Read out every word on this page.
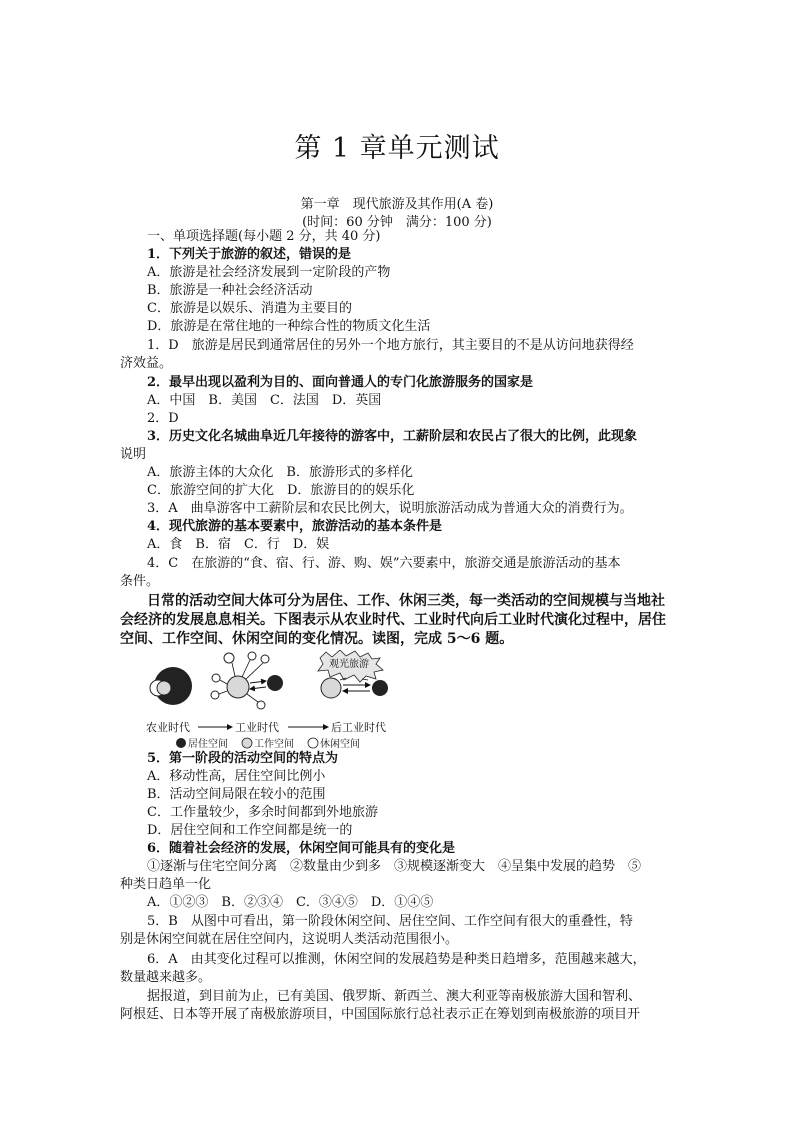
第 1 章单元测试
第一章　现代旅游及其作用(A 卷)
(时间：60 分钟　满分：100 分)
一、单项选择题(每小题 2 分，共 40 分)
1．下列关于旅游的叙述，错误的是
A．旅游是社会经济发展到一定阶段的产物
B．旅游是一种社会经济活动
C．旅游是以娱乐、消遣为主要目的
D．旅游是在常住地的一种综合性的物质文化生活
1．D　旅游是居民到通常居住的另外一个地方旅行，其主要目的不是从访问地获得经
济效益。
2．最早出现以盈利为目的、面向普通人的专门化旅游服务的国家是
A．中国　B．美国　C．法国　D．英国
2．D
3．历史文化名城曲阜近几年接待的游客中，工薪阶层和农民占了很大的比例，此现象
说明
A．旅游主体的大众化　B．旅游形式的多样化
C．旅游空间的扩大化　D．旅游目的的娱乐化
3．A　曲阜游客中工薪阶层和农民比例大，说明旅游活动成为普通大众的消费行为。
4．现代旅游的基本要素中，旅游活动的基本条件是
A．食　B．宿　C．行　D．娱
4．C　在旅游的“食、宿、行、游、购、娱”六要素中，旅游交通是旅游活动的基本
条件。
日常的活动空间大体可分为居住、工作、休闲三类，每一类活动的空间规模与当地社
会经济的发展息息相关。下图表示从农业时代、工业时代向后工业时代演化过程中，居住
空间、工作空间、休闲空间的变化情况。读图，完成 5～6 题。
观光旅游
农业时代	工业时代	后工业时代
居住空间	工作空间	休闲空间
5．第一阶段的活动空间的特点为
A．移动性高，居住空间比例小
B．活动空间局限在较小的范围
C．工作量较少，多余时间都到外地旅游
D．居住空间和工作空间都是统一的
6．随着社会经济的发展，休闲空间可能具有的变化是
①逐渐与住宅空间分离　②数量由少到多　③规模逐渐变大　④呈集中发展的趋势　⑤
种类日趋单一化
A．①②③　B．②③④　C．③④⑤　D．①④⑤
5．B　从图中可看出，第一阶段休闲空间、居住空间、工作空间有很大的重叠性，特
别是休闲空间就在居住空间内，这说明人类活动范围很小。
6．A　由其变化过程可以推测，休闲空间的发展趋势是种类日趋增多，范围越来越大，
数量越来越多。
据报道，到目前为止，已有美国、俄罗斯、新西兰、澳大利亚等南极旅游大国和智利、
阿根廷、日本等开展了南极旅游项目，中国国际旅行总社表示正在筹划到南极旅游的项目开
